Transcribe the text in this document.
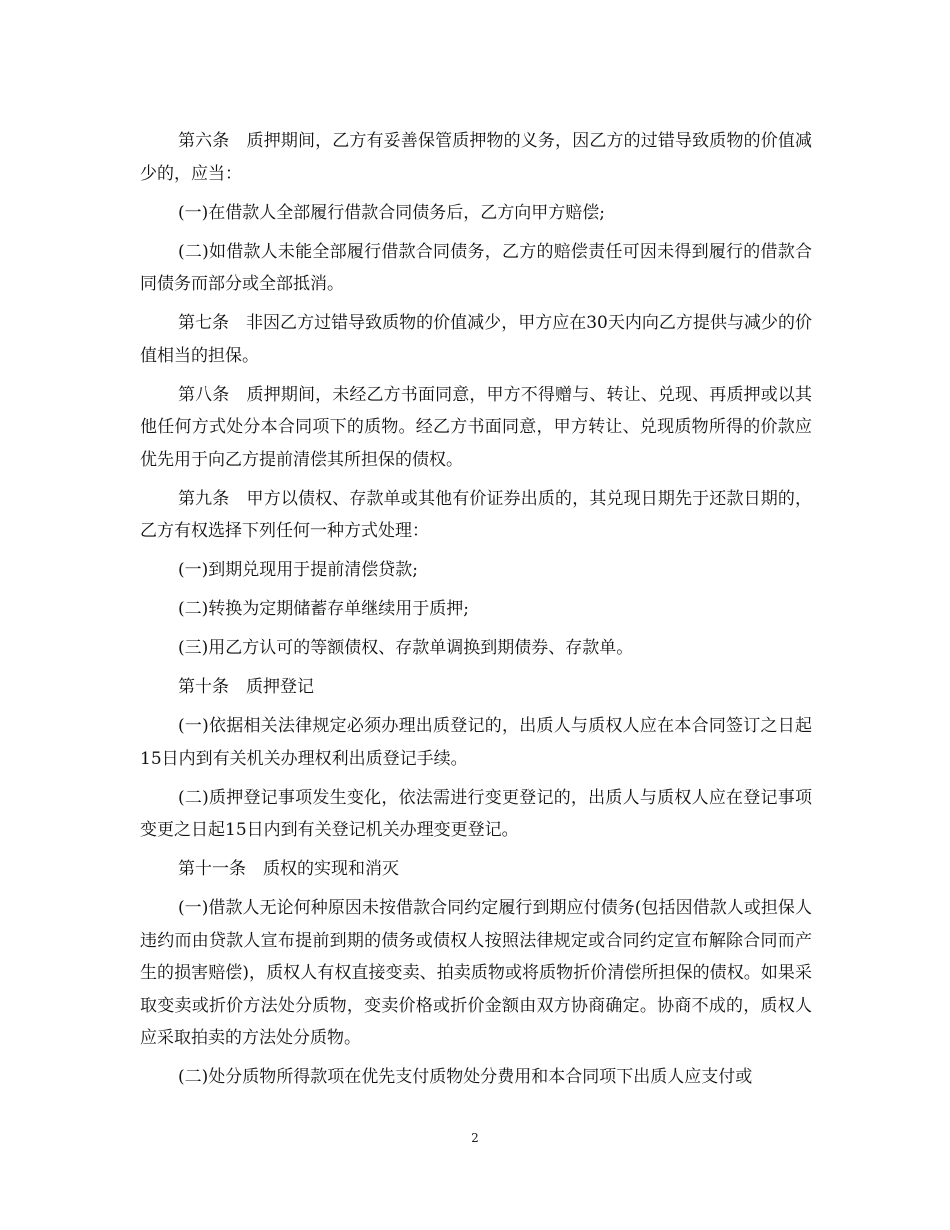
第六条　质押期间，乙方有妥善保管质押物的义务，因乙方的过错导致质物的价值减少的，应当：

(一)在借款人全部履行借款合同债务后，乙方向甲方赔偿;

(二)如借款人未能全部履行借款合同债务，乙方的赔偿责任可因未得到履行的借款合同债务而部分或全部抵消。

第七条　非因乙方过错导致质物的价值减少，甲方应在30天内向乙方提供与减少的价值相当的担保。

第八条　质押期间，未经乙方书面同意，甲方不得赠与、转让、兑现、再质押或以其他任何方式处分本合同项下的质物。经乙方书面同意，甲方转让、兑现质物所得的价款应优先用于向乙方提前清偿其所担保的债权。

第九条　甲方以债权、存款单或其他有价证券出质的，其兑现日期先于还款日期的，乙方有权选择下列任何一种方式处理：

(一)到期兑现用于提前清偿贷款;

(二)转换为定期储蓄存单继续用于质押;

(三)用乙方认可的等额债权、存款单调换到期债券、存款单。

第十条　质押登记

(一)依据相关法律规定必须办理出质登记的，出质人与质权人应在本合同签订之日起15日内到有关机关办理权利出质登记手续。

(二)质押登记事项发生变化，依法需进行变更登记的，出质人与质权人应在登记事项变更之日起15日内到有关登记机关办理变更登记。

第十一条　质权的实现和消灭

(一)借款人无论何种原因未按借款合同约定履行到期应付债务(包括因借款人或担保人违约而由贷款人宣布提前到期的债务或债权人按照法律规定或合同约定宣布解除合同而产生的损害赔偿)，质权人有权直接变卖、拍卖质物或将质物折价清偿所担保的债权。如果采取变卖或折价方法处分质物，变卖价格或折价金额由双方协商确定。协商不成的，质权人应采取拍卖的方法处分质物。

(二)处分质物所得款项在优先支付质物处分费用和本合同项下出质人应支付或

2
